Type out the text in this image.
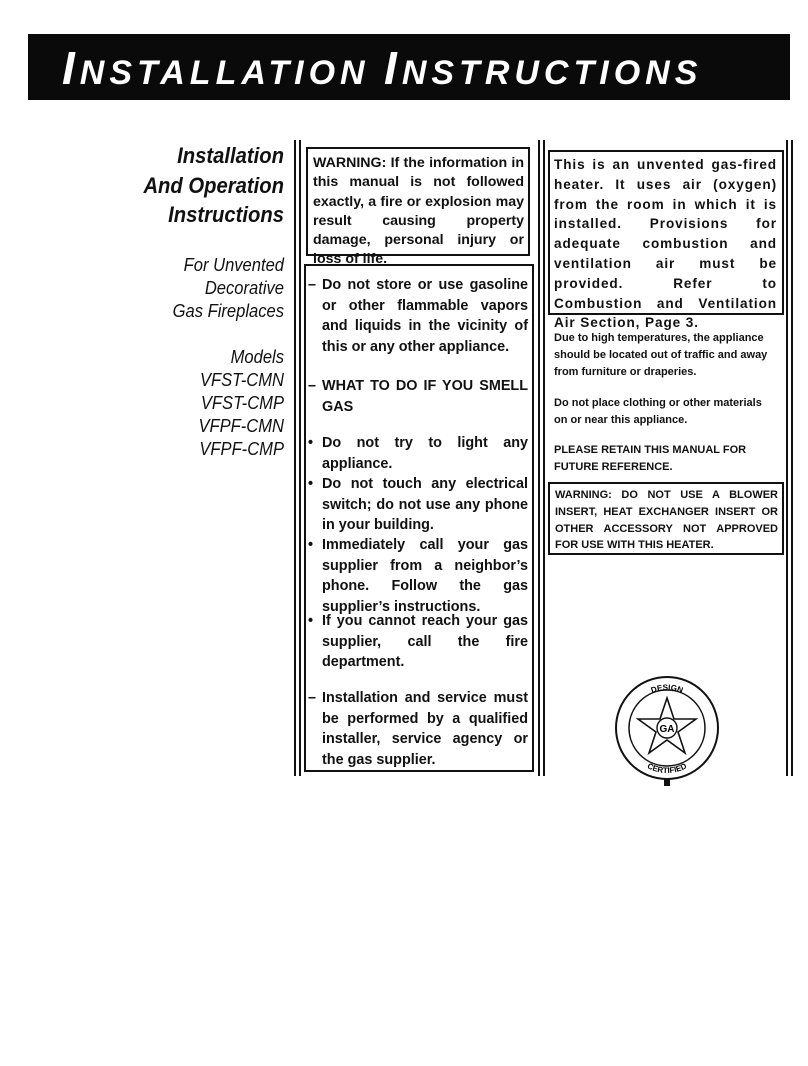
INSTALLATION INSTRUCTIONS
Installation
And Operation
Instructions
For Unvented
Decorative
Gas Fireplaces
Models
VFST-CMN
VFST-CMP
VFPF-CMN
VFPF-CMP
WARNING: If the information in this manual is not followed exactly, a fire or explosion may result causing property damage, personal injury or loss of life.
– Do not store or use gasoline or other flammable vapors and liquids in the vicinity of this or any other appliance.
– WHAT TO DO IF YOU SMELL GAS
• Do not try to light any appliance.
• Do not touch any electrical switch; do not use any phone in your building.
• Immediately call your gas supplier from a neighbor’s phone. Follow the gas supplier’s instructions.
• If you cannot reach your gas supplier, call the fire department.
– Installation and service must be performed by a qualified installer, service agency or the gas supplier.
This is an unvented gas-fired heater. It uses air (oxygen) from the room in which it is installed. Provisions for adequate combustion and ventilation air must be provided. Refer to Combustion and Ventilation Air Section, Page 3.
Due to high temperatures, the appliance should be located out of traffic and away from furniture or draperies.
Do not place clothing or other materials on or near this appliance.
PLEASE RETAIN THIS MANUAL FOR FUTURE REFERENCE.
WARNING: DO NOT USE A BLOWER INSERT, HEAT EXCHANGER INSERT OR OTHER ACCESSORY NOT APPROVED FOR USE WITH THIS HEATER.
GA
DESIGN
CERTIFIED
